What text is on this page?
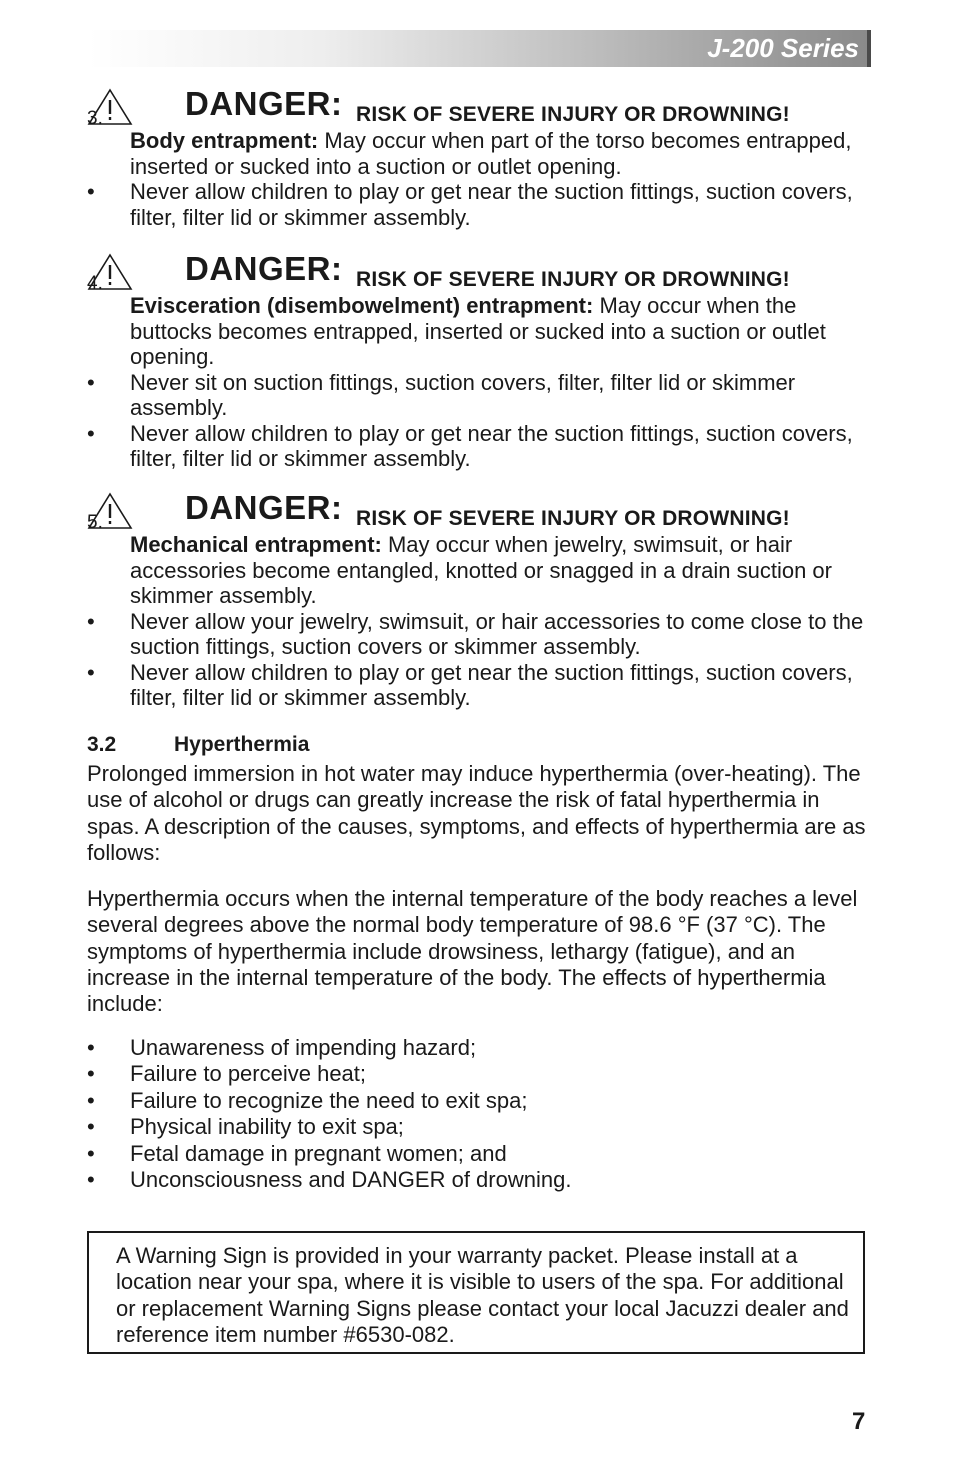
J-200 Series
3. DANGER: RISK OF SEVERE INJURY OR DROWNING!
Body entrapment: May occur when part of the torso becomes entrapped, inserted or sucked into a suction or outlet opening.
• Never allow children to play or get near the suction fittings, suction covers, filter, filter lid or skimmer assembly.
4. DANGER: RISK OF SEVERE INJURY OR DROWNING!
Evisceration (disembowelment) entrapment: May occur when the buttocks becomes entrapped, inserted or sucked into a suction or outlet opening.
• Never sit on suction fittings, suction covers, filter, filter lid or skimmer assembly.
• Never allow children to play or get near the suction fittings, suction covers, filter, filter lid or skimmer assembly.
5. DANGER: RISK OF SEVERE INJURY OR DROWNING!
Mechanical entrapment: May occur when jewelry, swimsuit, or hair accessories become entangled, knotted or snagged in a drain suction or skimmer assembly.
• Never allow your jewelry, swimsuit, or hair accessories to come close to the suction fittings, suction covers or skimmer assembly.
• Never allow children to play or get near the suction fittings, suction covers, filter, filter lid or skimmer assembly.
3.2	Hyperthermia
Prolonged immersion in hot water may induce hyperthermia (over-heating). The use of alcohol or drugs can greatly increase the risk of fatal hyperthermia in spas. A description of the causes, symptoms, and effects of hyperthermia are as follows:
Hyperthermia occurs when the internal temperature of the body reaches a level several degrees above the normal body temperature of 98.6 °F (37 °C). The symptoms of hyperthermia include drowsiness, lethargy (fatigue), and an increase in the internal temperature of the body. The effects of hyperthermia include:
• Unawareness of impending hazard;
• Failure to perceive heat;
• Failure to recognize the need to exit spa;
• Physical inability to exit spa;
• Fetal damage in pregnant women; and
• Unconsciousness and DANGER of drowning.
A Warning Sign is provided in your warranty packet. Please install at a location near your spa, where it is visible to users of the spa. For additional or replacement Warning Signs please contact your local Jacuzzi dealer and reference item number #6530-082.
7
